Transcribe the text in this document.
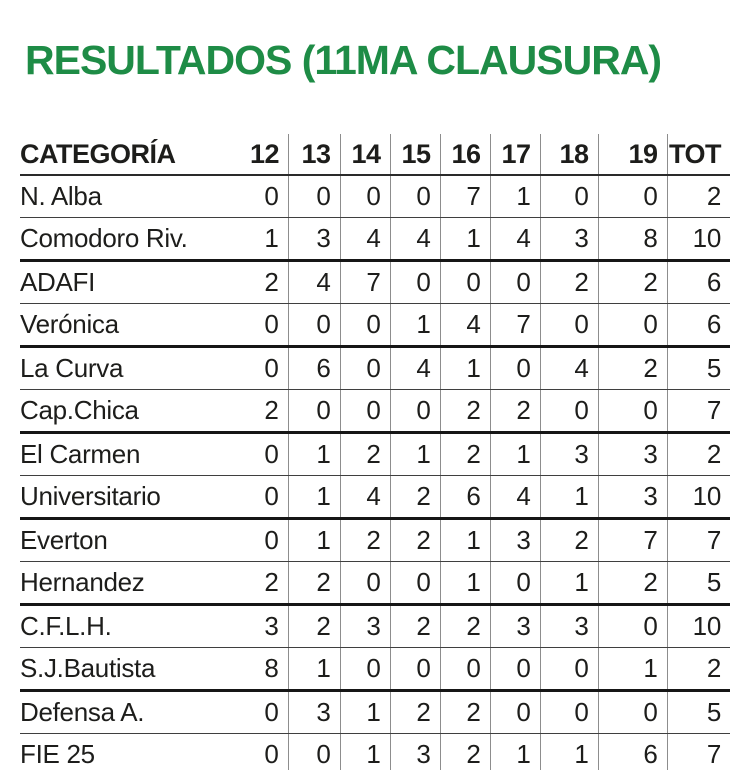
RESULTADOS (11MA CLAUSURA)
CATEGORÍA	12	13	14	15	16	17	18	19	TOT
N. Alba	0	0	0	0	7	1	0	0	2
Comodoro Riv.	1	3	4	4	1	4	3	8	10
ADAFI	2	4	7	0	0	0	2	2	6
Verónica	0	0	0	1	4	7	0	0	6
La Curva	0	6	0	4	1	0	4	2	5
Cap.Chica	2	0	0	0	2	2	0	0	7
El Carmen	0	1	2	1	2	1	3	3	2
Universitario	0	1	4	2	6	4	1	3	10
Everton	0	1	2	2	1	3	2	7	7
Hernandez	2	2	0	0	1	0	1	2	5
C.F.L.H.	3	2	3	2	2	3	3	0	10
S.J.Bautista	8	1	0	0	0	0	0	1	2
Defensa A.	0	3	1	2	2	0	0	0	5
FIE 25	0	0	1	3	2	1	1	6	7
